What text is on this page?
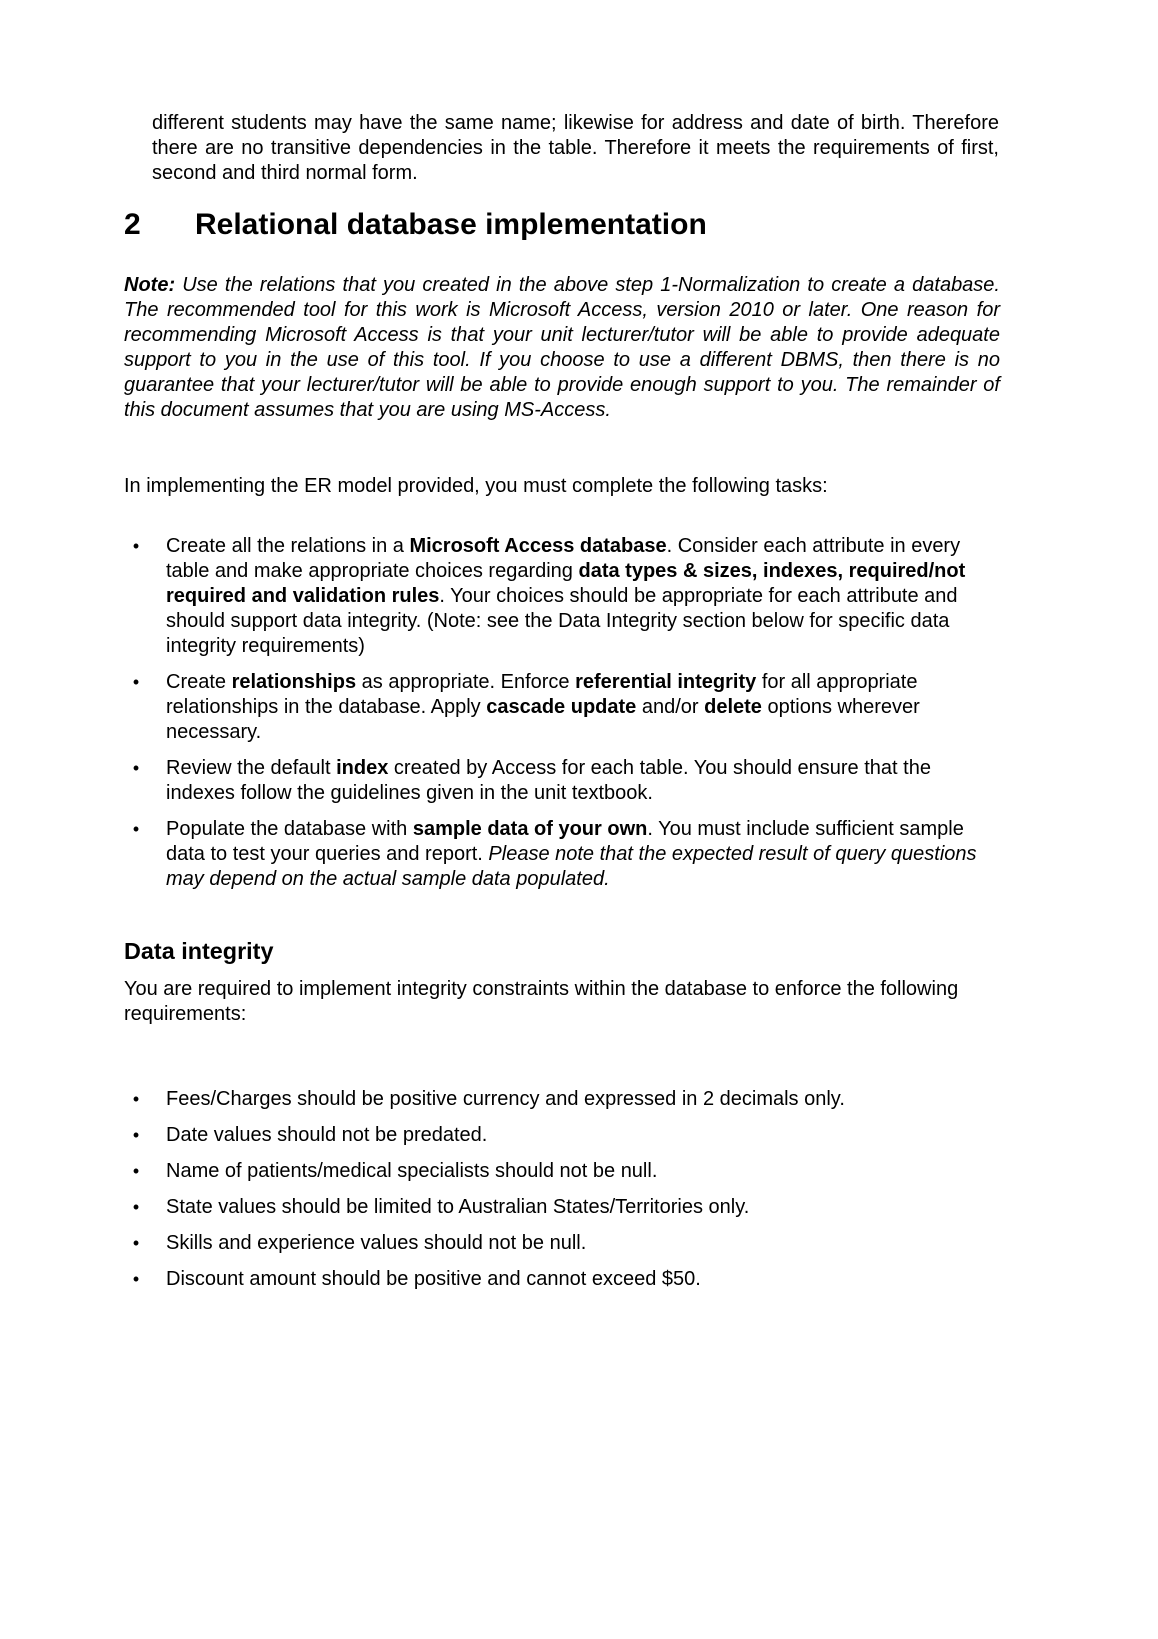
different students may have the same name; likewise for address and date of birth. Therefore there are no transitive dependencies in the table. Therefore it meets the requirements of first, second and third normal form.

2	Relational database implementation

Note: Use the relations that you created in the above step 1-Normalization to create a database. The recommended tool for this work is Microsoft Access, version 2010 or later. One reason for recommending Microsoft Access is that your unit lecturer/tutor will be able to provide adequate support to you in the use of this tool. If you choose to use a different DBMS, then there is no guarantee that your lecturer/tutor will be able to provide enough support to you. The remainder of this document assumes that you are using MS-Access.

In implementing the ER model provided, you must complete the following tasks:

• Create all the relations in a Microsoft Access database. Consider each attribute in every table and make appropriate choices regarding data types & sizes, indexes, required/not required and validation rules. Your choices should be appropriate for each attribute and should support data integrity. (Note: see the Data Integrity section below for specific data integrity requirements)
• Create relationships as appropriate. Enforce referential integrity for all appropriate relationships in the database. Apply cascade update and/or delete options wherever necessary.
• Review the default index created by Access for each table. You should ensure that the indexes follow the guidelines given in the unit textbook.
• Populate the database with sample data of your own. You must include sufficient sample data to test your queries and report. Please note that the expected result of query questions may depend on the actual sample data populated.
Data integrity

You are required to implement integrity constraints within the database to enforce the following requirements:

• Fees/Charges should be positive currency and expressed in 2 decimals only.
• Date values should not be predated.
• Name of patients/medical specialists should not be null.
• State values should be limited to Australian States/Territories only.
• Skills and experience values should not be null.
• Discount amount should be positive and cannot exceed $50.
